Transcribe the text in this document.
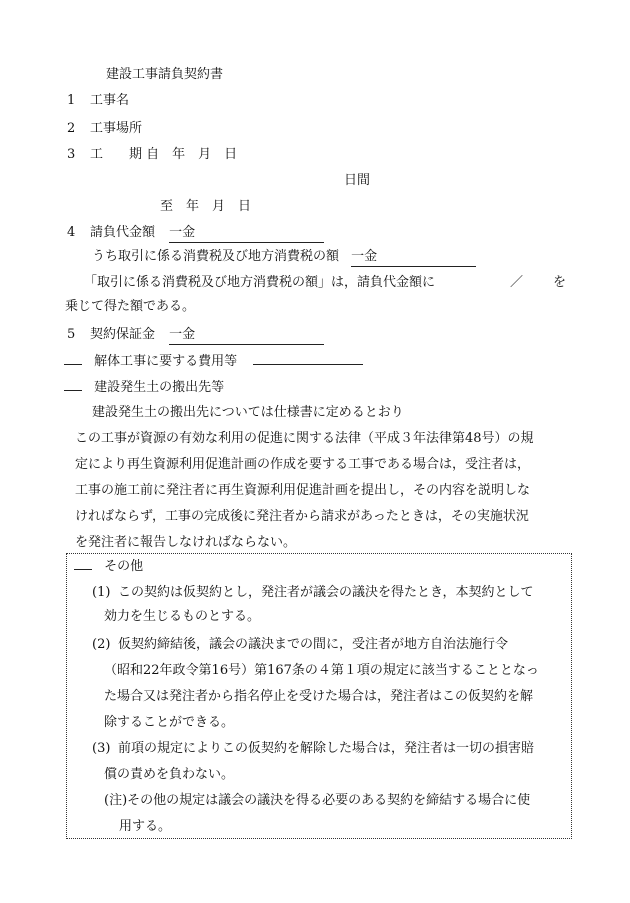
建設工事請負契約書
1 工事名
2 工事場所
3 工　　期 自　年　月　日
日間
至　年　月　日
4 請負代金額 一金
うち取引に係る消費税及び地方消費税の額 一金
「取引に係る消費税及び地方消費税の額」は，請負代金額に	／ を
乗じて得た額である。
5 契約保証金 一金
解体工事に要する費用等
建設発生土の搬出先等
建設発生土の搬出先については仕様書に定めるとおり
この工事が資源の有効な利用の促進に関する法律（平成３年法律第48号）の規
定により再生資源利用促進計画の作成を要する工事である場合は，受注者は，
工事の施工前に発注者に再生資源利用促進計画を提出し，その内容を説明しな
ければならず，工事の完成後に発注者から請求があったときは，その実施状況
を発注者に報告しなければならない。
その他
(1) この契約は仮契約とし，発注者が議会の議決を得たとき，本契約として
効力を生じるものとする。
(2) 仮契約締結後，議会の議決までの間に，受注者が地方自治法施行令
（昭和22年政令第16号）第167条の４第１項の規定に該当することとなっ
た場合又は発注者から指名停止を受けた場合は，発注者はこの仮契約を解
除することができる。
(3) 前項の規定によりこの仮契約を解除した場合は，発注者は一切の損害賠
償の責めを負わない。
(注)その他の規定は議会の議決を得る必要のある契約を締結する場合に使
用する。
